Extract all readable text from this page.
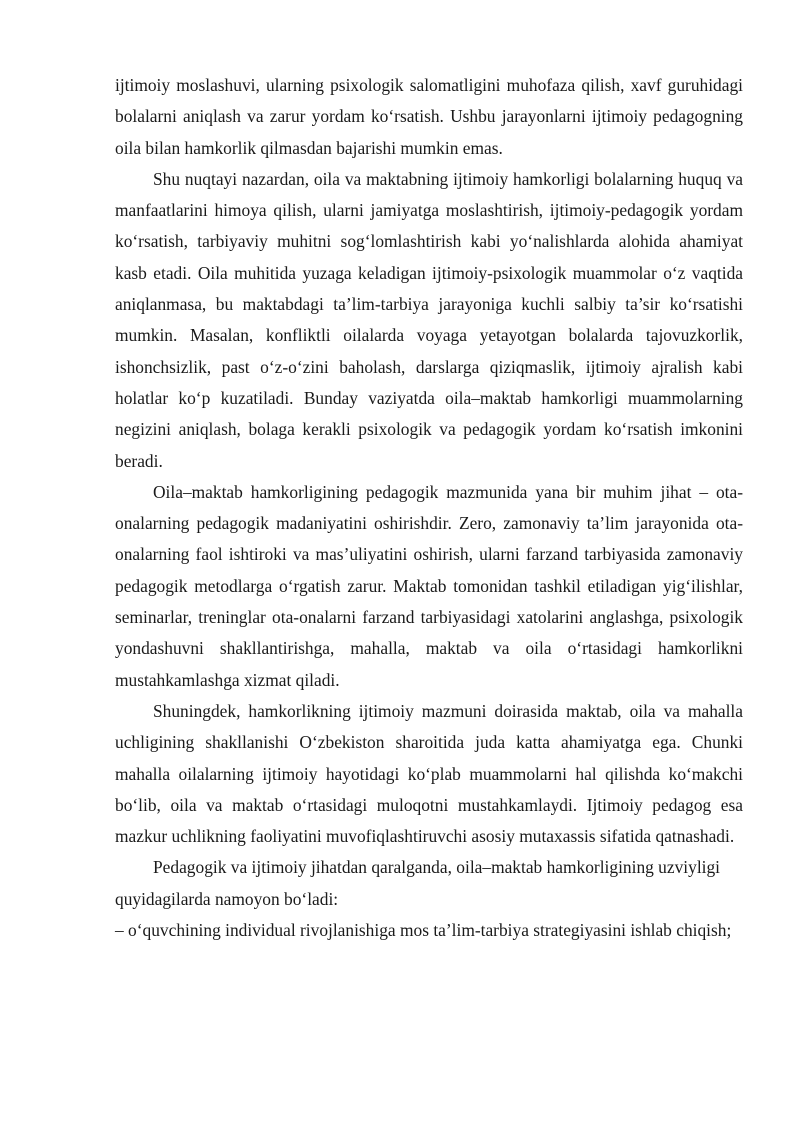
ijtimoiy moslashuvi, ularning psixologik salomatligini muhofaza qilish, xavf guruhidagi bolalarni aniqlash va zarur yordam ko‘rsatish. Ushbu jarayonlarni ijtimoiy pedagogning oila bilan hamkorlik qilmasdan bajarishi mumkin emas.

Shu nuqtayi nazardan, oila va maktabning ijtimoiy hamkorligi bolalarning huquq va manfaatlarini himoya qilish, ularni jamiyatga moslashtirish, ijtimoiy-pedagogik yordam ko‘rsatish, tarbiyaviy muhitni sog‘lomlashtirish kabi yo‘nalishlarda alohida ahamiyat kasb etadi. Oila muhitida yuzaga keladigan ijtimoiy-psixologik muammolar o‘z vaqtida aniqlanmasa, bu maktabdagi ta’lim-tarbiya jarayoniga kuchli salbiy ta’sir ko‘rsatishi mumkin. Masalan, konfliktli oilalarda voyaga yetayotgan bolalarda tajovuzkorlik, ishonchsizlik, past o‘z-o‘zini baholash, darslarga qiziqmaslik, ijtimoiy ajralish kabi holatlar ko‘p kuzatiladi. Bunday vaziyatda oila–maktab hamkorligi muammolarning negizini aniqlash, bolaga kerakli psixologik va pedagogik yordam ko‘rsatish imkonini beradi.

Oila–maktab hamkorligining pedagogik mazmunida yana bir muhim jihat – ota-onalarning pedagogik madaniyatini oshirishdir. Zero, zamonaviy ta’lim jarayonida ota-onalarning faol ishtiroki va mas’uliyatini oshirish, ularni farzand tarbiyasida zamonaviy pedagogik metodlarga o‘rgatish zarur. Maktab tomonidan tashkil etiladigan yig‘ilishlar, seminarlar, treninglar ota-onalarni farzand tarbiyasidagi xatolarini anglashga, psixologik yondashuvni shakllantirishga, mahalla, maktab va oila o‘rtasidagi hamkorlikni mustahkamlashga xizmat qiladi.

Shuningdek, hamkorlikning ijtimoiy mazmuni doirasida maktab, oila va mahalla uchligining shakllanishi O‘zbekiston sharoitida juda katta ahamiyatga ega. Chunki mahalla oilalarning ijtimoiy hayotidagi ko‘plab muammolarni hal qilishda ko‘makchi bo‘lib, oila va maktab o‘rtasidagi muloqotni mustahkamlaydi. Ijtimoiy pedagog esa mazkur uchlikning faoliyatini muvofiqlashtiruvchi asosiy mutaxassis sifatida qatnashadi.

Pedagogik va ijtimoiy jihatdan qaralganda, oila–maktab hamkorligining uzviyligi quyidagilarda namoyon bo‘ladi:

– o‘quvchining individual rivojlanishiga mos ta’lim-tarbiya strategiyasini ishlab chiqish;
